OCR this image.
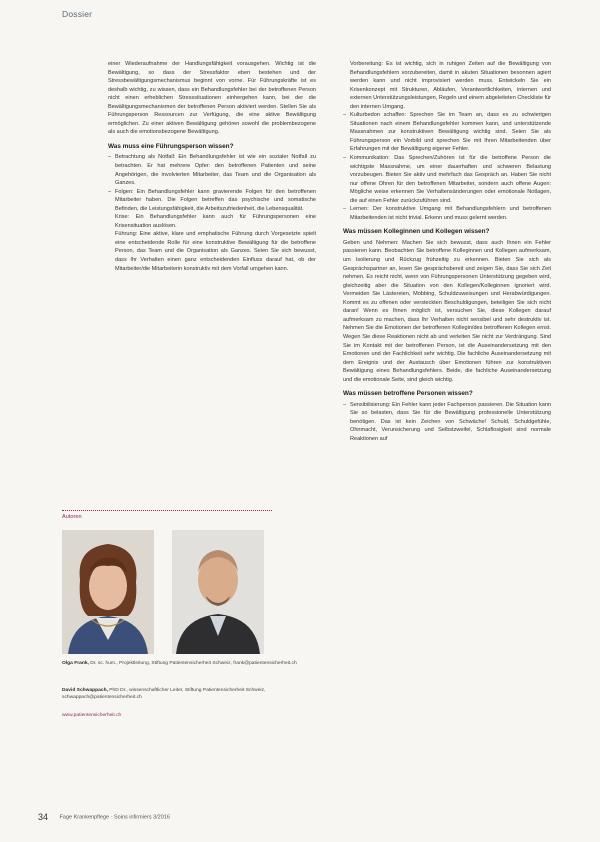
Dossier

einer Wiederaufnahme der Handlungsfähigkeit vorausgehen. Wichtig ist die Bewältigung, so dass der Stressfaktor eben bestehen und der Stressbewältigungsmechanismus beginnt von vorne. Für Führungskräfte ist es deshalb wichtig, zu wissen, dass ein Behandlungsfehler bei der betroffenen Person nicht einen erheblichen Stresssituationen einhergehen kann, bei der die Bewältigungsmechanismen der betroffenen Person aktiviert werden. Stellen Sie als Führungsperson Ressourcen zur Verfügung, die eine aktive Bewältigung ermöglichen. Zu einer aktiven Bewältigung gehören sowohl die problembezogene als auch die emotionsbezogene Bewältigung.

Was muss eine Führungsperson wissen?
– Betrachtung als Notfall: Ein Behandlungsfehler ist wie ein sozialer Notfall zu betrachten. Er hat mehrere Opfer: den betroffenen Patienten und seine Angehörigen, die involvierten Mitarbeiter, das Team und die Organisation als Ganzes.
– Folgen: Ein Behandlungsfehler kann gravierende Folgen für den betroffenen Mitarbeiter haben. Die Folgen betreffen das psychische und somatische Befinden, die Leistungsfähigkeit, die Arbeitszufriedenheit, die Lebensqualität.
Krise: Ein Behandlungsfehler kann auch für Führungspersonen eine Krisensituation auslösen.
Führung: Eine aktive, klare und emphatische Führung durch Vorgesetzte spielt eine entscheidende Rolle für eine konstruktive Bewältigung für die betroffene Person, das Team und die Organisation als Ganzes. Seien Sie sich bewusst, dass Ihr Verhalten einen ganz entscheidenden Einfluss darauf hat, ob der Mitarbeiter/die Mitarbeiterin konstruktiv mit dem Vorfall umgehen kann.
Vorbereitung: Es ist wichtig, sich in ruhigen Zeiten auf die Bewältigung von Behandlungsfehlern vorzubereiten, damit in akuten Situationen besonnen agiert werden kann und nicht improvisiert werden muss. Entwickeln Sie ein Krisenkonzept mit Strukturen, Abläufen, Verantwortlichkeiten, internen und externen Unterstützungsleistungen, Regeln und einem abgeleiteten Checkliste für den internen Umgang.
– Kulturbedon schaffen: Sprechen Sie im Team an, dass es zu schwierigen Situationen nach einem Behandlungsfehler kommen kann, und unterstützende Massnahmen zur konstruktiven Bewältigung wichtig sind. Seien Sie als Führungsperson ein Vorbild und sprechen Sie mit Ihren Mitarbeitenden über Erfahrungen mit der Bewältigung eigener Fehler.
– Kommunikation: Das Sprechen/Zuhören ist für die betroffene Person die wichtigste Massnahme, um einer dauerhaften und schweren Belastung vorzubeugen. Bieten Sie aktiv und mehrfach das Gespräch an. Haben Sie nicht nur offene Ohren für den betroffenen Mitarbeiter, sondern auch offene Augen: Mögliche weise erkennen Sie Verhaltensänderungen oder emotionale Notlagen, die auf einen Fehler zurückzuführen sind.
– Lernen: Der konstruktive Umgang mit Behandlungsfehlern und betroffenen Mitarbeitenden ist nicht trivial. Erkenn und muss gelernt werden.
Was müssen Kolleginnen und Kollegen wissen?

Geben und Nehmen: Machen Sie sich bewusst, dass auch Ihnen ein Fehler passieren kann. Beobachten Sie betroffene Kolleginnen und Kollegen aufmerksam, um Isolierung und Rückzug frühzeitig zu erkennen. Bieten Sie sich als Gesprächspartner an, lesen Sie gesprächsbereit und zeigen Sie, dass Sie sich Zeit nehmen. Es reicht nicht, wenn von Führungspersonen Unterstützung gegeben wird, gleichzeitig aber die Situation von den Kollegen/Kolleginnen ignoriert wird. Vermeiden Sie Lästereien, Mobbing, Schuldzuweisungen und Herabwürdigungen. Kommt es zu offenen oder versteckten Beschuldigungen, beteiligen Sie sich nicht daran! Wenn es Ihnen möglich ist, versuchen Sie, diese Kollegen darauf aufmerksam zu machen, dass Ihr Verhalten nicht sensibel und sehr destruktiv ist. Nehmen Sie die Emotionen der betroffenen Kollegin/des betroffenen Kollegen ernst. Wegen Sie diese Reaktionen nicht ab und verleiten Sie nicht zur Verdrängung. Sind Sie im Kontakt mit der betroffenen Person, ist die Auseinandersetzung mit den Emotionen und der Fachlichkeit sehr wichtig. Die fachliche Auseinandersetzung mit dem Ereignis und der Austausch über Emotionen führen zur konstruktiven Bewältigung eines Behandlungsfehlers. Beide, die fachliche Auseinandersetzung und die emotionale Seite, sind gleich wichtig.

Was müssen betroffene Personen wissen?
– Sensibilisierung: Ein Fehler kann jeder Fachperson passieren. Die Situation kann Sie so belasten, dass Sie für die Bewältigung professionelle Unterstützung benötigen. Das ist kein Zeichen von Schwäche! Schuld, Schuldgefühle, Ohnmacht, Verunsicherung und Selbstzweifel, Schlaflosigkeit sind normale Reaktionen auf
Autoren
Olga Frank, Dr. sc. hum., Projektleitung, Stiftung Patientensicherheit Schweiz, frank@patientensicherheit.ch
David Schwappach, PhD Dr., wissenschaftlicher Leiter, Stiftung Patientensicherheit Schweiz, schwappach@patientensicherheit.ch
www.patientensicherheit.ch
34 Fage Krankenpflege · Soins infirmiers 3/2016
